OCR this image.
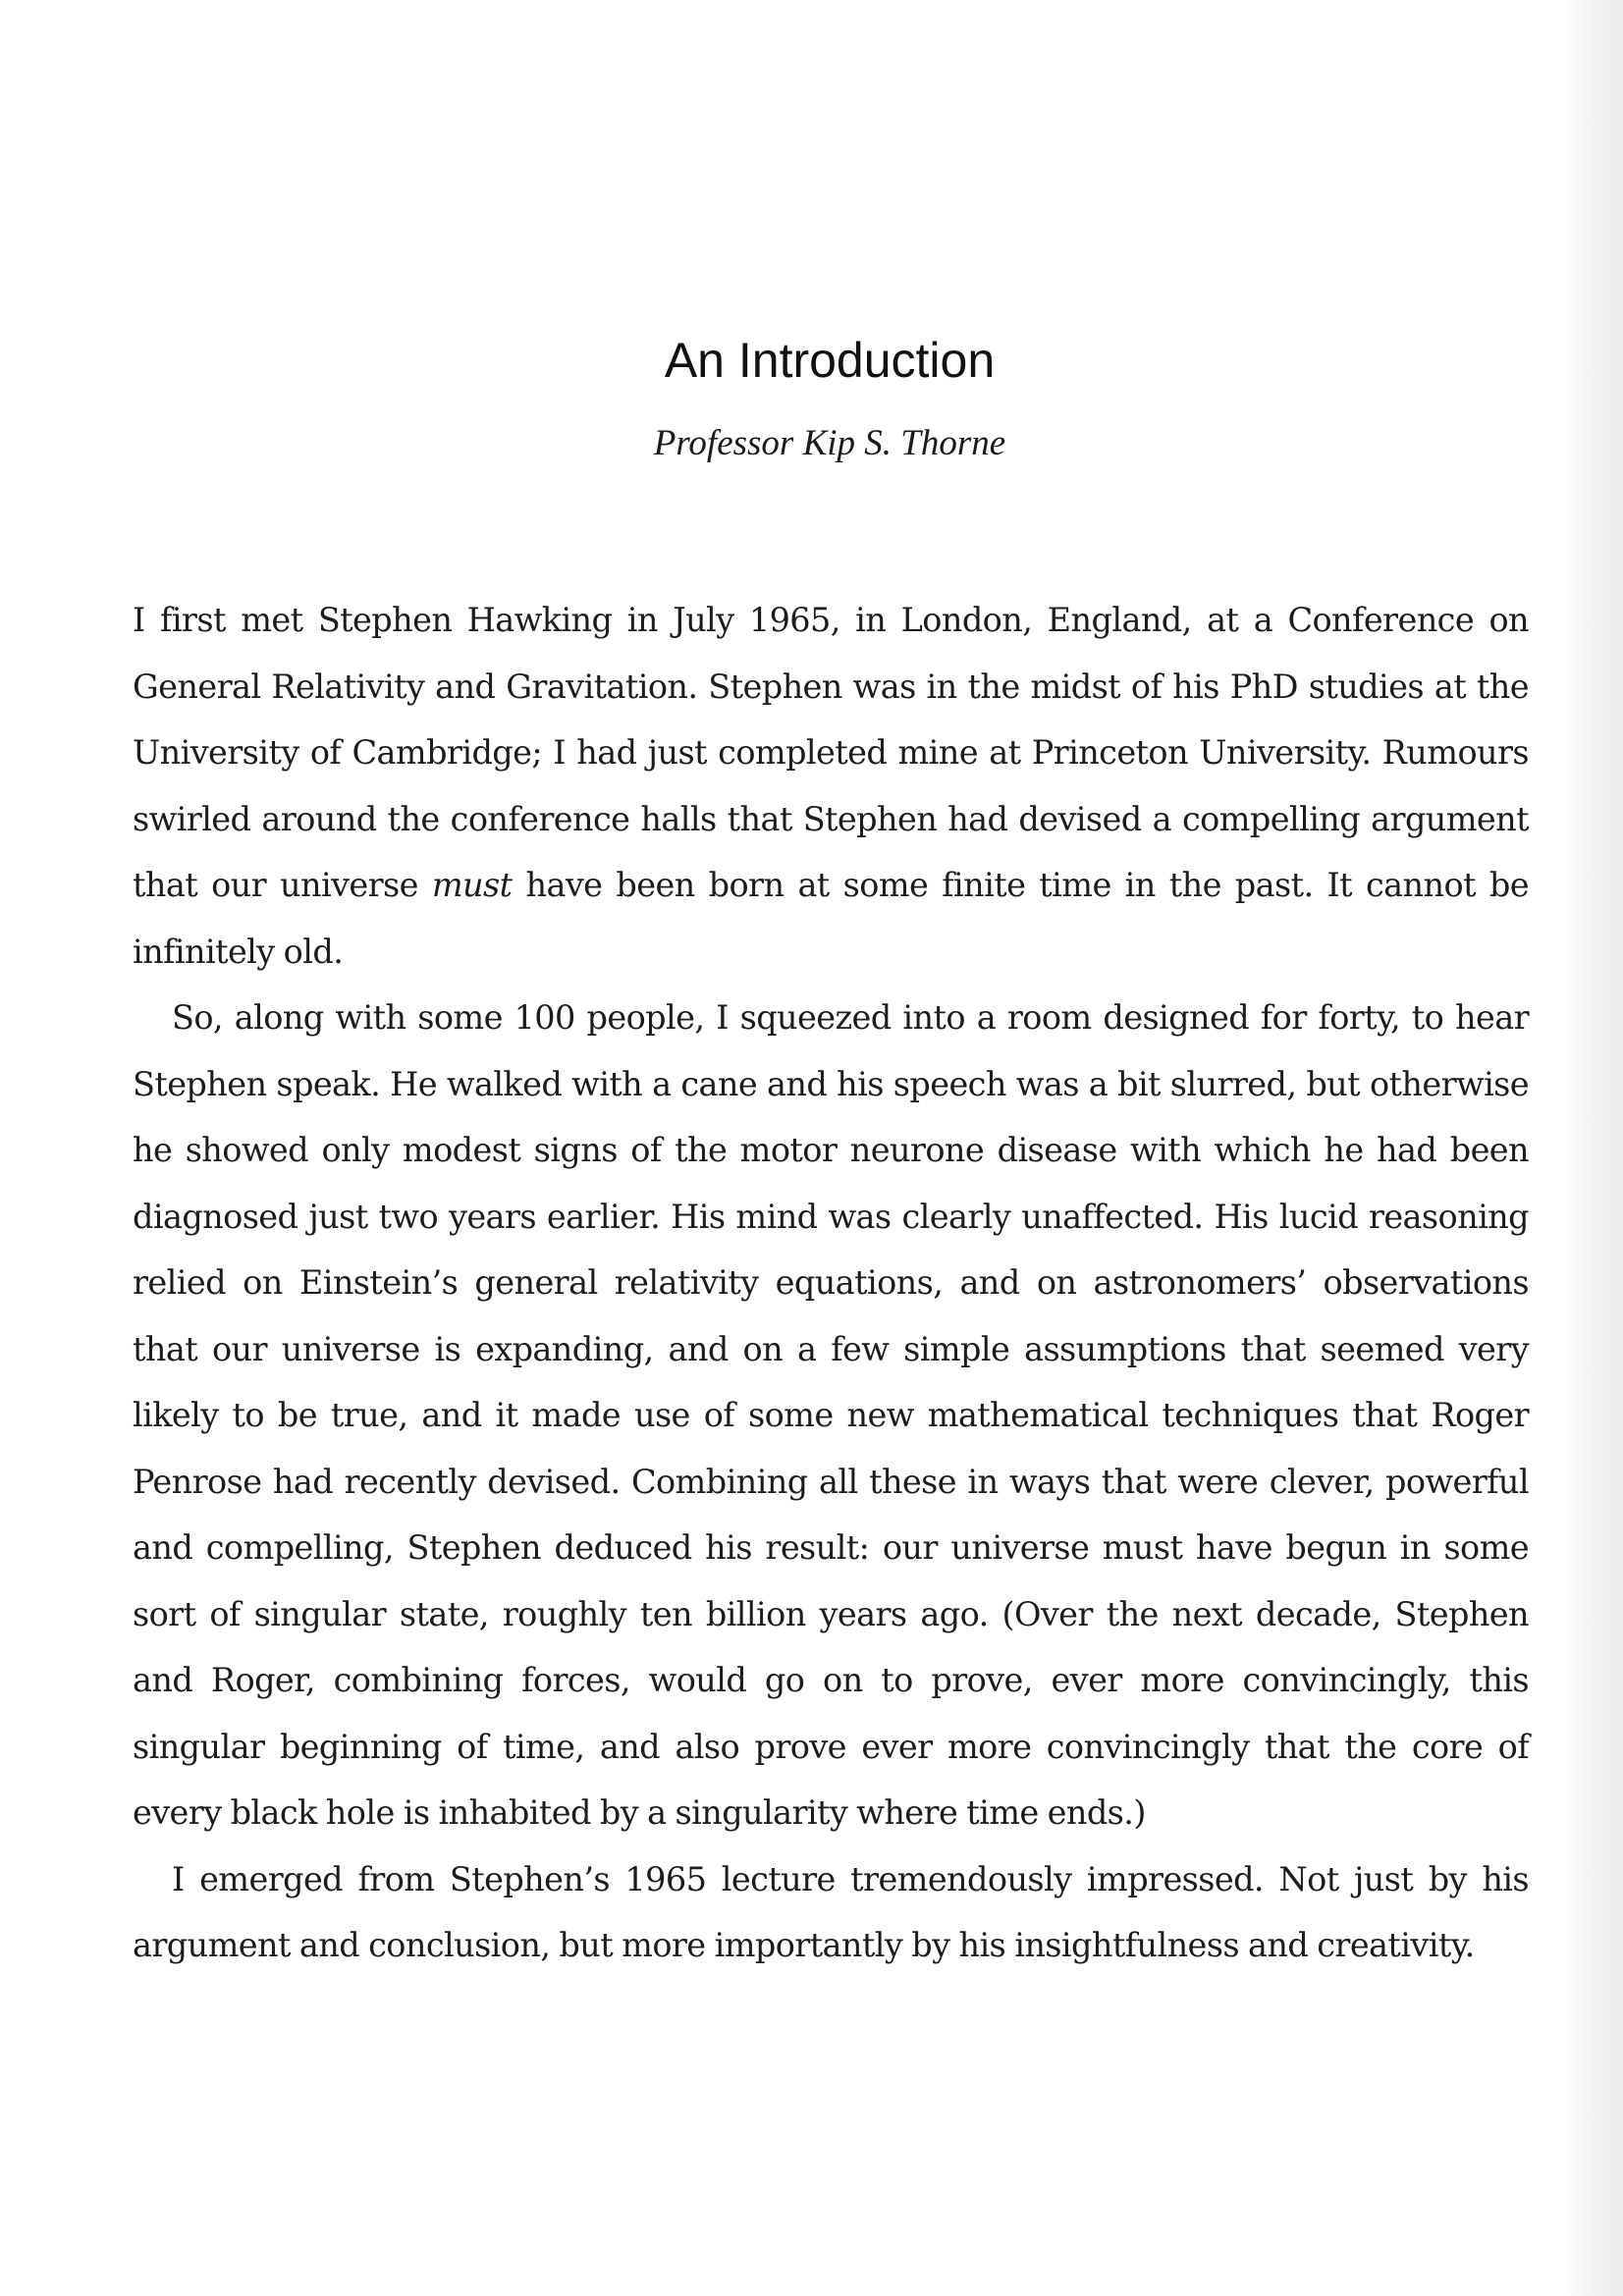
An Introduction
Professor Kip S. Thorne

I first met Stephen Hawking in July 1965, in London, England, at a Conference on General Relativity and Gravitation. Stephen was in the midst of his PhD studies at the University of Cambridge; I had just completed mine at Princeton University. Rumours swirled around the conference halls that Stephen had devised a compelling argument that our universe must have been born at some finite time in the past. It cannot be infinitely old.

So, along with some 100 people, I squeezed into a room designed for forty, to hear Stephen speak. He walked with a cane and his speech was a bit slurred, but otherwise he showed only modest signs of the motor neurone disease with which he had been diagnosed just two years earlier. His mind was clearly unaffected. His lucid reasoning relied on Einstein’s general relativity equations, and on astronomers’ observations that our universe is expanding, and on a few simple assumptions that seemed very likely to be true, and it made use of some new mathematical techniques that Roger Penrose had recently devised. Combining all these in ways that were clever, powerful and compelling, Stephen deduced his result: our universe must have begun in some sort of singular state, roughly ten billion years ago. (Over the next decade, Stephen and Roger, combining forces, would go on to prove, ever more convincingly, this singular beginning of time, and also prove ever more convincingly that the core of every black hole is inhabited by a singularity where time ends.)

I emerged from Stephen’s 1965 lecture tremendously impressed. Not just by his argument and conclusion, but more importantly by his insightfulness and creativity.
